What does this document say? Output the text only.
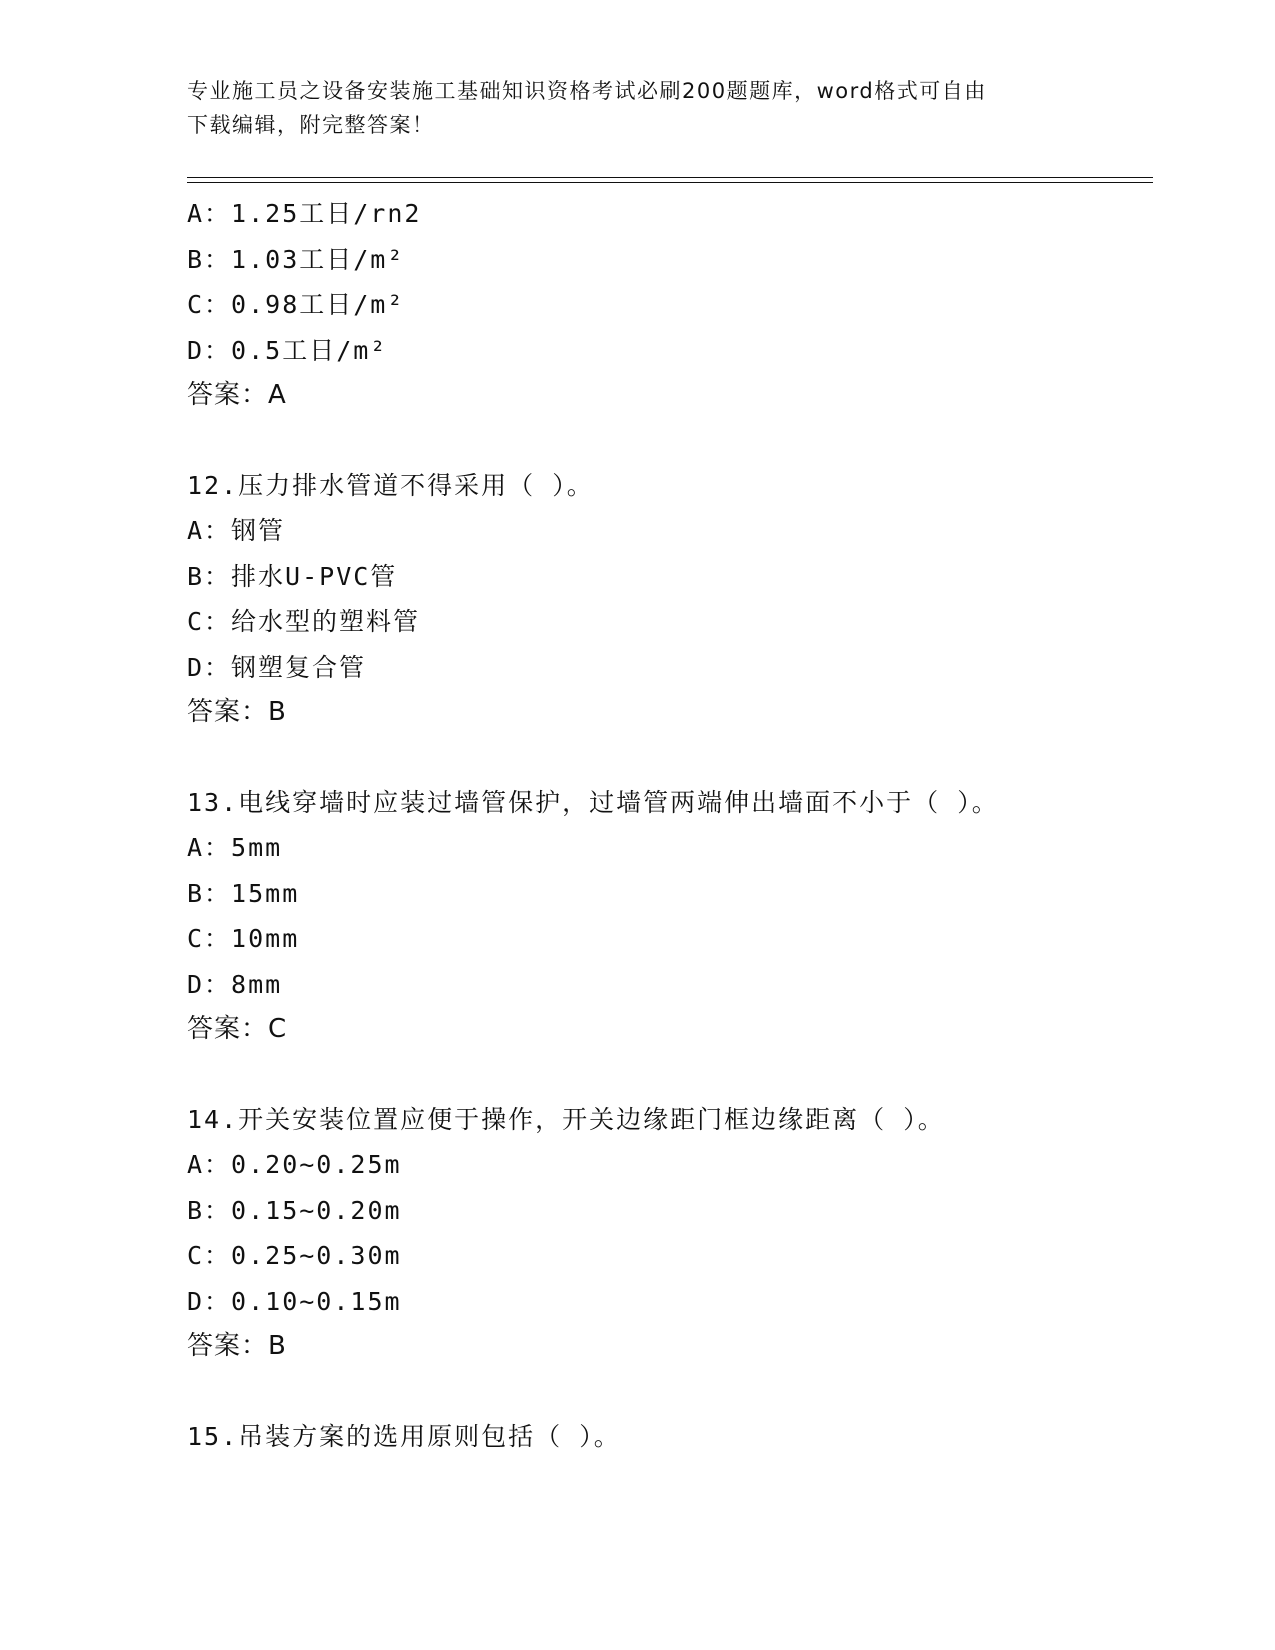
专业施工员之设备安装施工基础知识资格考试必刷200题题库，word格式可自由
下载编辑，附完整答案！
A：1.25工日/rn2
B：1.03工日/m²
C：0.98工日/m²
D：0.5工日/m²
答案：A
12.压力排水管道不得采用（ ）。
A：钢管
B：排水U-PVC管
C：给水型的塑料管
D：钢塑复合管
答案：B
13.电线穿墙时应装过墙管保护，过墙管两端伸出墙面不小于（ ）。
A：5mm
B：15mm
C：10mm
D：8mm
答案：C
14.开关安装位置应便于操作，开关边缘距门框边缘距离（ ）。
A：0.20~0.25m
B：0.15~0.20m
C：0.25~0.30m
D：0.10~0.15m
答案：B
15.吊装方案的选用原则包括（ ）。
